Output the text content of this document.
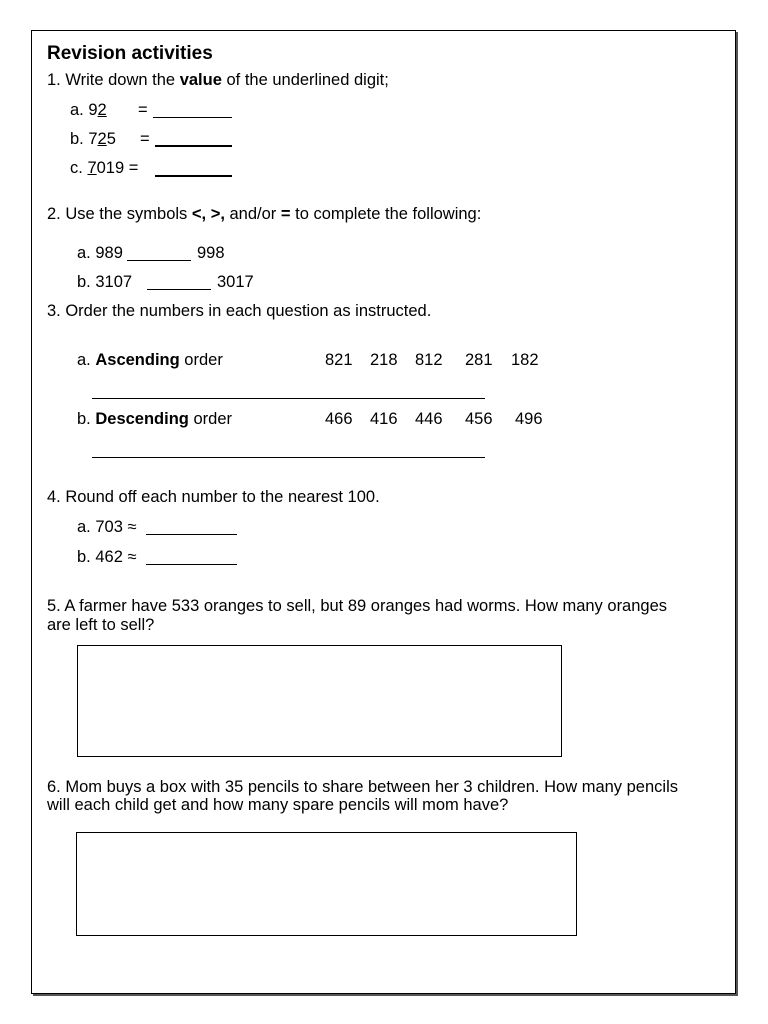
Revision activities
1. Write down the value of the underlined digit;
a. 92 =
b. 725 =
c. 7019 =
2. Use the symbols <, >, and/or = to complete the following:
a. 989	998
b. 3107	3017
3. Order the numbers in each question as instructed.
a. Ascending order	821 218 812 281 182
b. Descending order	466 416 446 456 496
4. Round off each number to the nearest 100.
a. 703 ≈
b. 462 ≈
5. A farmer have 533 oranges to sell, but 89 oranges had worms. How many oranges
are left to sell?
6. Mom buys a box with 35 pencils to share between her 3 children. How many pencils
will each child get and how many spare pencils will mom have?
